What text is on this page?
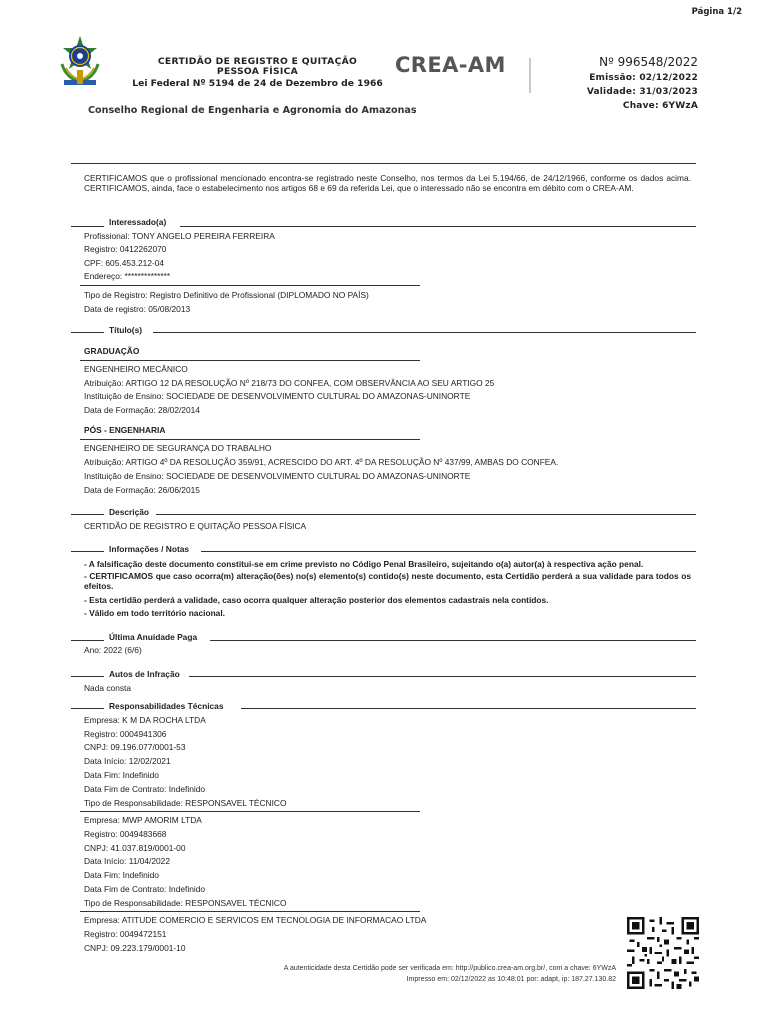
Página 1/2
CERTIDÃO DE REGISTRO E QUITAÇÃO
PESSOA FÍSICA
Lei Federal Nº 5194 de 24 de Dezembro de 1966
CREA-AM	Nº 996548/2022
Emissão: 02/12/2022
Validade: 31/03/2023
Chave: 6YWzA
Conselho Regional de Engenharia e Agronomia do Amazonas
CERTIFICAMOS que o profissional mencionado encontra-se registrado neste Conselho, nos termos da Lei 5.194/66, de 24/12/1966, conforme os dados acima. CERTIFICAMOS, ainda, face o estabelecimento nos artigos 68 e 69 da referida Lei, que o interessado não se encontra em débito com o CREA-AM.
Interessado(a)
Profissional: TONY ANGELO PEREIRA FERREIRA
Registro: 0412262070
CPF: 605.453.212-04
Endereço: **************
Tipo de Registro: Registro Definitivo de Profissional (DIPLOMADO NO PAÍS)
Data de registro: 05/08/2013
Título(s)
GRADUAÇÃO
ENGENHEIRO MECÂNICO
Atribuição: ARTIGO 12 DA RESOLUÇÃO Nº 218/73 DO CONFEA, COM OBSERVÂNCIA AO SEU ARTIGO 25
Instituição de Ensino: SOCIEDADE DE DESENVOLVIMENTO CULTURAL DO AMAZONAS-UNINORTE
Data de Formação: 28/02/2014
PÓS - ENGENHARIA
ENGENHEIRO DE SEGURANÇA DO TRABALHO
Atribuição: ARTIGO 4º DA RESOLUÇÃO 359/91, ACRESCIDO DO ART. 4º DA RESOLUÇÃO Nº 437/99, AMBAS DO CONFEA.
Instituição de Ensino: SOCIEDADE DE DESENVOLVIMENTO CULTURAL DO AMAZONAS-UNINORTE
Data de Formação: 26/06/2015
Descrição
CERTIDÃO DE REGISTRO E QUITAÇÃO PESSOA FÍSICA
Informações / Notas
- A falsificação deste documento constitui-se em crime previsto no Código Penal Brasileiro, sujeitando o(a) autor(a) à respectiva ação penal.
- CERTIFICAMOS que caso ocorra(m) alteração(ões) no(s) elemento(s) contido(s) neste documento, esta Certidão perderá a sua validade para todos os efeitos.
- Esta certidão perderá a validade, caso ocorra qualquer alteração posterior dos elementos cadastrais nela contidos.
- Válido em todo território nacional.
Última Anuidade Paga
Ano: 2022 (6/6)
Autos de Infração
Nada consta
Responsabilidades Técnicas
Empresa: K M DA ROCHA LTDA
Registro: 0004941306
CNPJ: 09.196.077/0001-53
Data Início: 12/02/2021
Data Fim: Indefinido
Data Fim de Contrato: Indefinido
Tipo de Responsabilidade: RESPONSAVEL TÉCNICO
Empresa: MWP AMORIM LTDA
Registro: 0049483668
CNPJ: 41.037.819/0001-00
Data Início: 11/04/2022
Data Fim: Indefinido
Data Fim de Contrato: Indefinido
Tipo de Responsabilidade: RESPONSAVEL TÉCNICO
Empresa: ATITUDE COMERCIO E SERVICOS EM TECNOLOGIA DE INFORMACAO LTDA
Registro: 0049472151
CNPJ: 09.223.179/0001-10
A autenticidade desta Certidão pode ser verificada em: http://publico.crea-am.org.br/, com a chave: 6YWzA
Impresso em: 02/12/2022 as 10:48:01 por: adapt, ip: 187.27.130.82
